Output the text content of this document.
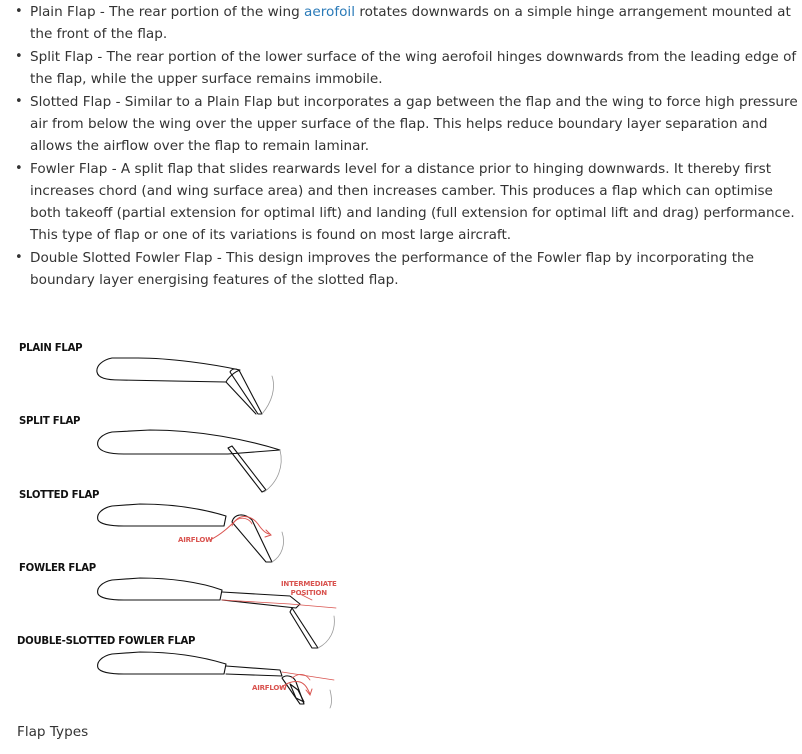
• Plain Flap - The rear portion of the wing aerofoil rotates downwards on a simple hinge arrangement mounted at the front of the flap.
• Split Flap - The rear portion of the lower surface of the wing aerofoil hinges downwards from the leading edge of the flap, while the upper surface remains immobile.
• Slotted Flap - Similar to a Plain Flap but incorporates a gap between the flap and the wing to force high pressure air from below the wing over the upper surface of the flap. This helps reduce boundary layer separation and allows the airflow over the flap to remain laminar.
• Fowler Flap - A split flap that slides rearwards level for a distance prior to hinging downwards. It thereby first increases chord (and wing surface area) and then increases camber. This produces a flap which can optimise both takeoff (partial extension for optimal lift) and landing (full extension for optimal lift and drag) performance. This type of flap or one of its variations is found on most large aircraft.
• Double Slotted Fowler Flap - This design improves the performance of the Fowler flap by incorporating the boundary layer energising features of the slotted flap.
PLAIN FLAP
SPLIT FLAP
SLOTTED FLAP
FOWLER FLAP
DOUBLE-SLOTTED FOWLER FLAP
AIRFLOW
INTERMEDIATE
POSITION
AIRFLOW
Flap Types
